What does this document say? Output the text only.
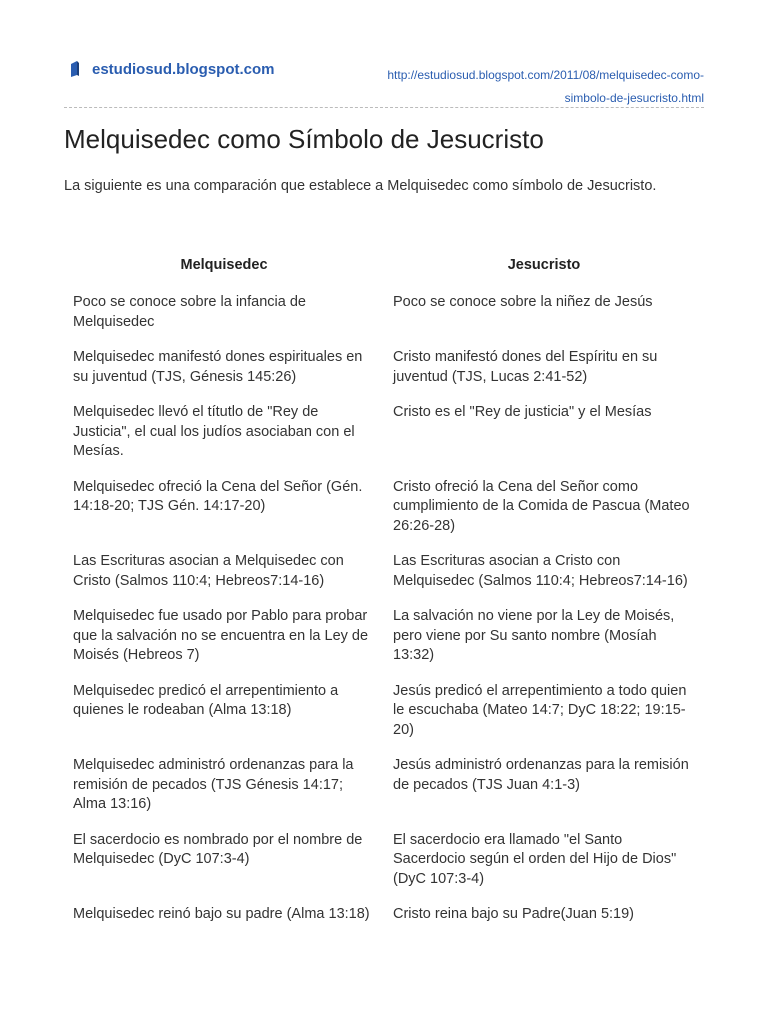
estudiosud.blogspot.com	http://estudiosud.blogspot.com/2011/08/melquisedec-como-
simbolo-de-jesucristo.html
Melquisedec como Símbolo de Jesucristo

La siguiente es una comparación que establece a Melquisedec como símbolo de Jesucristo.

Melquisedec	Jesucristo
Poco se conoce sobre la infancia de Melquisedec	Poco se conoce sobre la niñez de Jesús
Melquisedec manifestó dones espirituales en su juventud (TJS, Génesis 145:26)	Cristo manifestó dones del Espíritu en su juventud (TJS, Lucas 2:41-52)
Melquisedec llevó el títutlo de "Rey de Justicia", el cual los judíos asociaban con el Mesías.	Cristo es el "Rey de justicia" y el Mesías
Melquisedec ofreció la Cena del Señor (Gén. 14:18-20; TJS Gén. 14:17-20)	Cristo ofreció la Cena del Señor como cumplimiento de la Comida de Pascua (Mateo 26:26-28)
Las Escrituras asocian a Melquisedec con Cristo (Salmos 110:4; Hebreos7:14-16)	Las Escrituras asocian a Cristo con Melquisedec (Salmos 110:4; Hebreos7:14-16)
Melquisedec fue usado por Pablo para probar que la salvación no se encuentra en la Ley de Moisés (Hebreos 7)	La salvación no viene por la Ley de Moisés, pero viene por Su santo nombre (Mosíah 13:32)
Melquisedec predicó el arrepentimiento a quienes le rodeaban (Alma 13:18)	Jesús predicó el arrepentimiento a todo quien le escuchaba (Mateo 14:7; DyC 18:22; 19:15-20)
Melquisedec administró ordenanzas para la remisión de pecados (TJS Génesis 14:17; Alma 13:16)	Jesús administró ordenanzas para la remisión de pecados (TJS Juan 4:1-3)
El sacerdocio es nombrado por el nombre de Melquisedec (DyC 107:3-4)	El sacerdocio era llamado "el Santo Sacerdocio según el orden del Hijo de Dios" (DyC 107:3-4)
Melquisedec reinó bajo su padre (Alma 13:18)	Cristo reina bajo su Padre(Juan 5:19)
